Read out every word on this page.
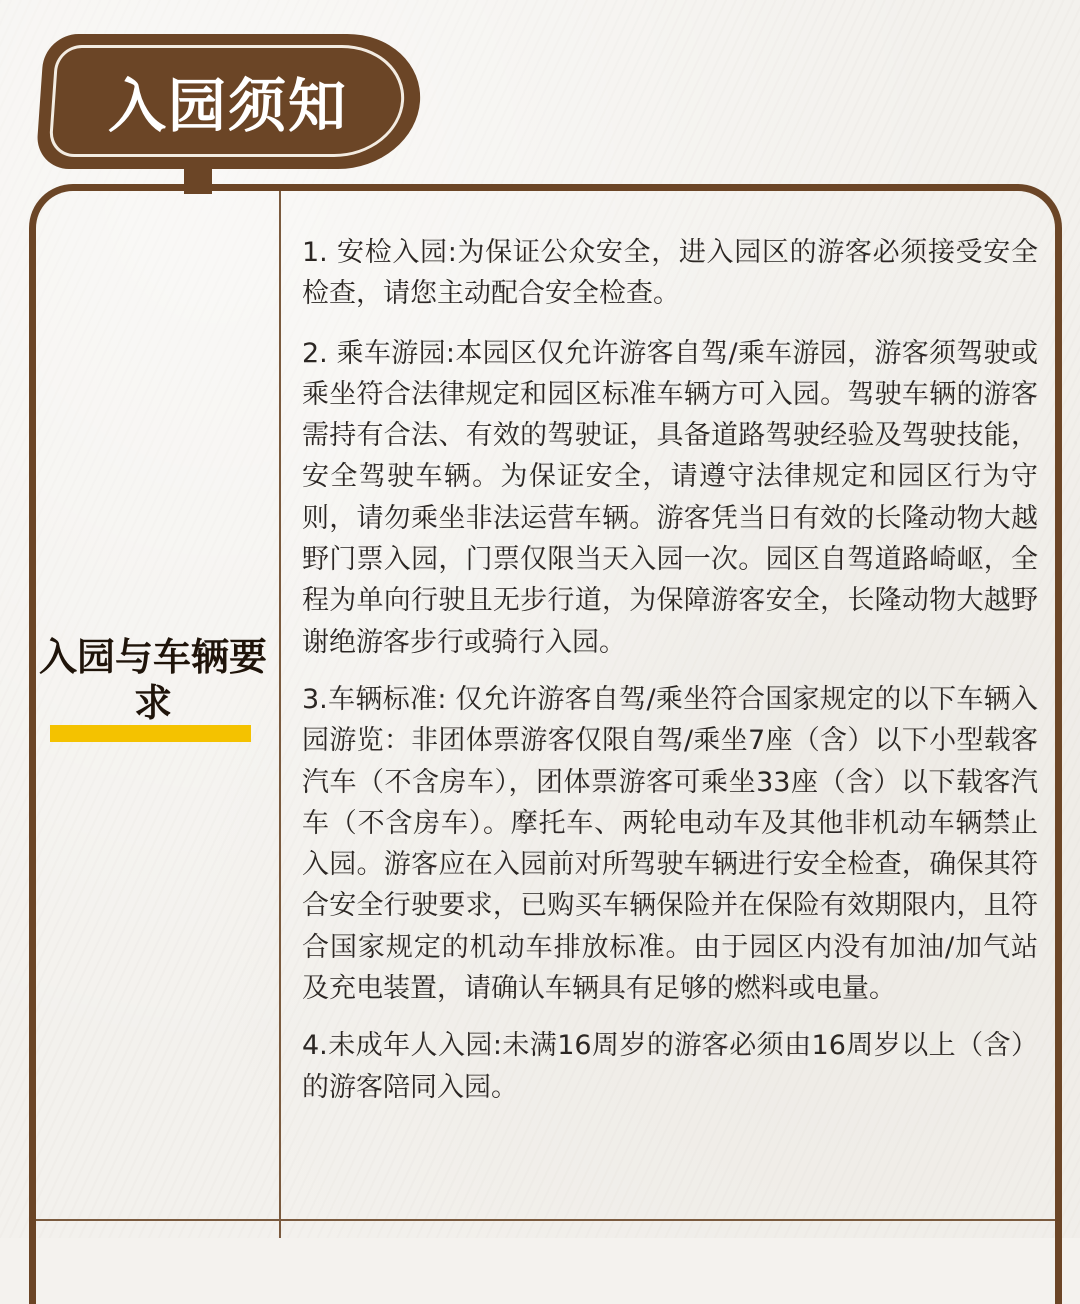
入园须知
入园与车辆要求

1. 安检入园:为保证公众安全，进入园区的游客必须接受安全检查，请您主动配合安全检查。

2. 乘车游园:本园区仅允许游客自驾/乘车游园，游客须驾驶或乘坐符合法律规定和园区标准车辆方可入园。驾驶车辆的游客需持有合法、有效的驾驶证，具备道路驾驶经验及驾驶技能，安全驾驶车辆。为保证安全，请遵守法律规定和园区行为守则，请勿乘坐非法运营车辆。游客凭当日有效的长隆动物大越野门票入园，门票仅限当天入园一次。园区自驾道路崎岖，全程为单向行驶且无步行道，为保障游客安全，长隆动物大越野谢绝游客步行或骑行入园。

3.车辆标准: 仅允许游客自驾/乘坐符合国家规定的以下车辆入园游览：非团体票游客仅限自驾/乘坐7座（含）以下小型载客汽车（不含房车），团体票游客可乘坐33座（含）以下载客汽车（不含房车）。摩托车、两轮电动车及其他非机动车辆禁止入园。游客应在入园前对所驾驶车辆进行安全检查，确保其符合安全行驶要求，已购买车辆保险并在保险有效期限内，且符合国家规定的机动车排放标准。由于园区内没有加油/加气站及充电装置，请确认车辆具有足够的燃料或电量。

4.未成年人入园:未满16周岁的游客必须由16周岁以上（含）的游客陪同入园。
